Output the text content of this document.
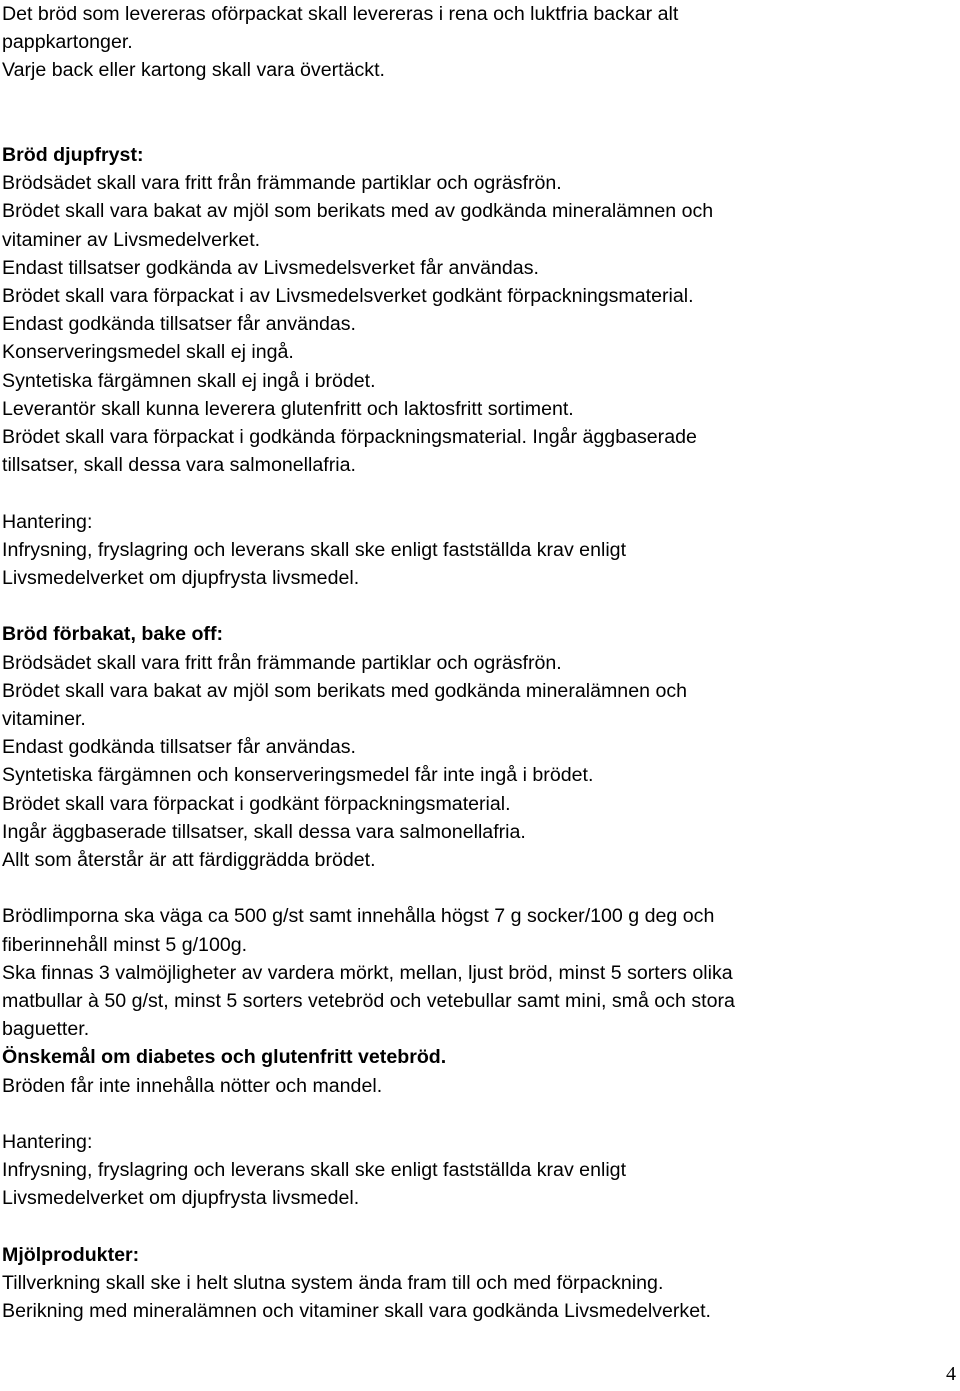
Det bröd som levereras oförpackat skall levereras i rena och luktfria backar alt
pappkartonger.
Varje back eller kartong skall vara övertäckt.
Bröd djupfryst:
Brödsädet skall vara fritt från främmande partiklar och ogräsfrön.
Brödet skall vara bakat av mjöl som berikats med av godkända mineralämnen och
vitaminer av Livsmedelverket.
Endast tillsatser godkända av Livsmedelsverket får användas.
Brödet skall vara förpackat i av Livsmedelsverket godkänt förpackningsmaterial.
Endast godkända tillsatser får användas.
Konserveringsmedel skall ej ingå.
Syntetiska färgämnen skall ej ingå i brödet.
Leverantör skall kunna leverera glutenfritt och laktosfritt sortiment.
Brödet skall vara förpackat i godkända förpackningsmaterial. Ingår äggbaserade
tillsatser, skall dessa vara salmonellafria.
Hantering:
Infrysning, fryslagring och leverans skall ske enligt fastställda krav enligt
Livsmedelverket om djupfrysta livsmedel.
Bröd förbakat, bake off:
Brödsädet skall vara fritt från främmande partiklar och ogräsfrön.
Brödet skall vara bakat av mjöl som berikats med godkända mineralämnen och
vitaminer.
Endast godkända tillsatser får användas.
Syntetiska färgämnen och konserveringsmedel får inte ingå i brödet.
Brödet skall vara förpackat i godkänt förpackningsmaterial.
Ingår äggbaserade tillsatser, skall dessa vara salmonellafria.
Allt som återstår är att färdiggrädda brödet.
Brödlimporna ska väga ca 500 g/st samt innehålla högst 7 g socker/100 g deg och
fiberinnehåll minst 5 g/100g.
Ska finnas 3 valmöjligheter av vardera mörkt, mellan, ljust bröd, minst 5 sorters olika
matbullar à 50 g/st, minst 5 sorters vetebröd och vetebullar samt mini, små och stora
baguetter.
Önskemål om diabetes och glutenfritt vetebröd.
Bröden får inte innehålla nötter och mandel.
Hantering:
Infrysning, fryslagring och leverans skall ske enligt fastställda krav enligt
Livsmedelverket om djupfrysta livsmedel.
Mjölprodukter:
Tillverkning skall ske i helt slutna system ända fram till och med förpackning.
Berikning med mineralämnen och vitaminer skall vara godkända Livsmedelverket.
4
